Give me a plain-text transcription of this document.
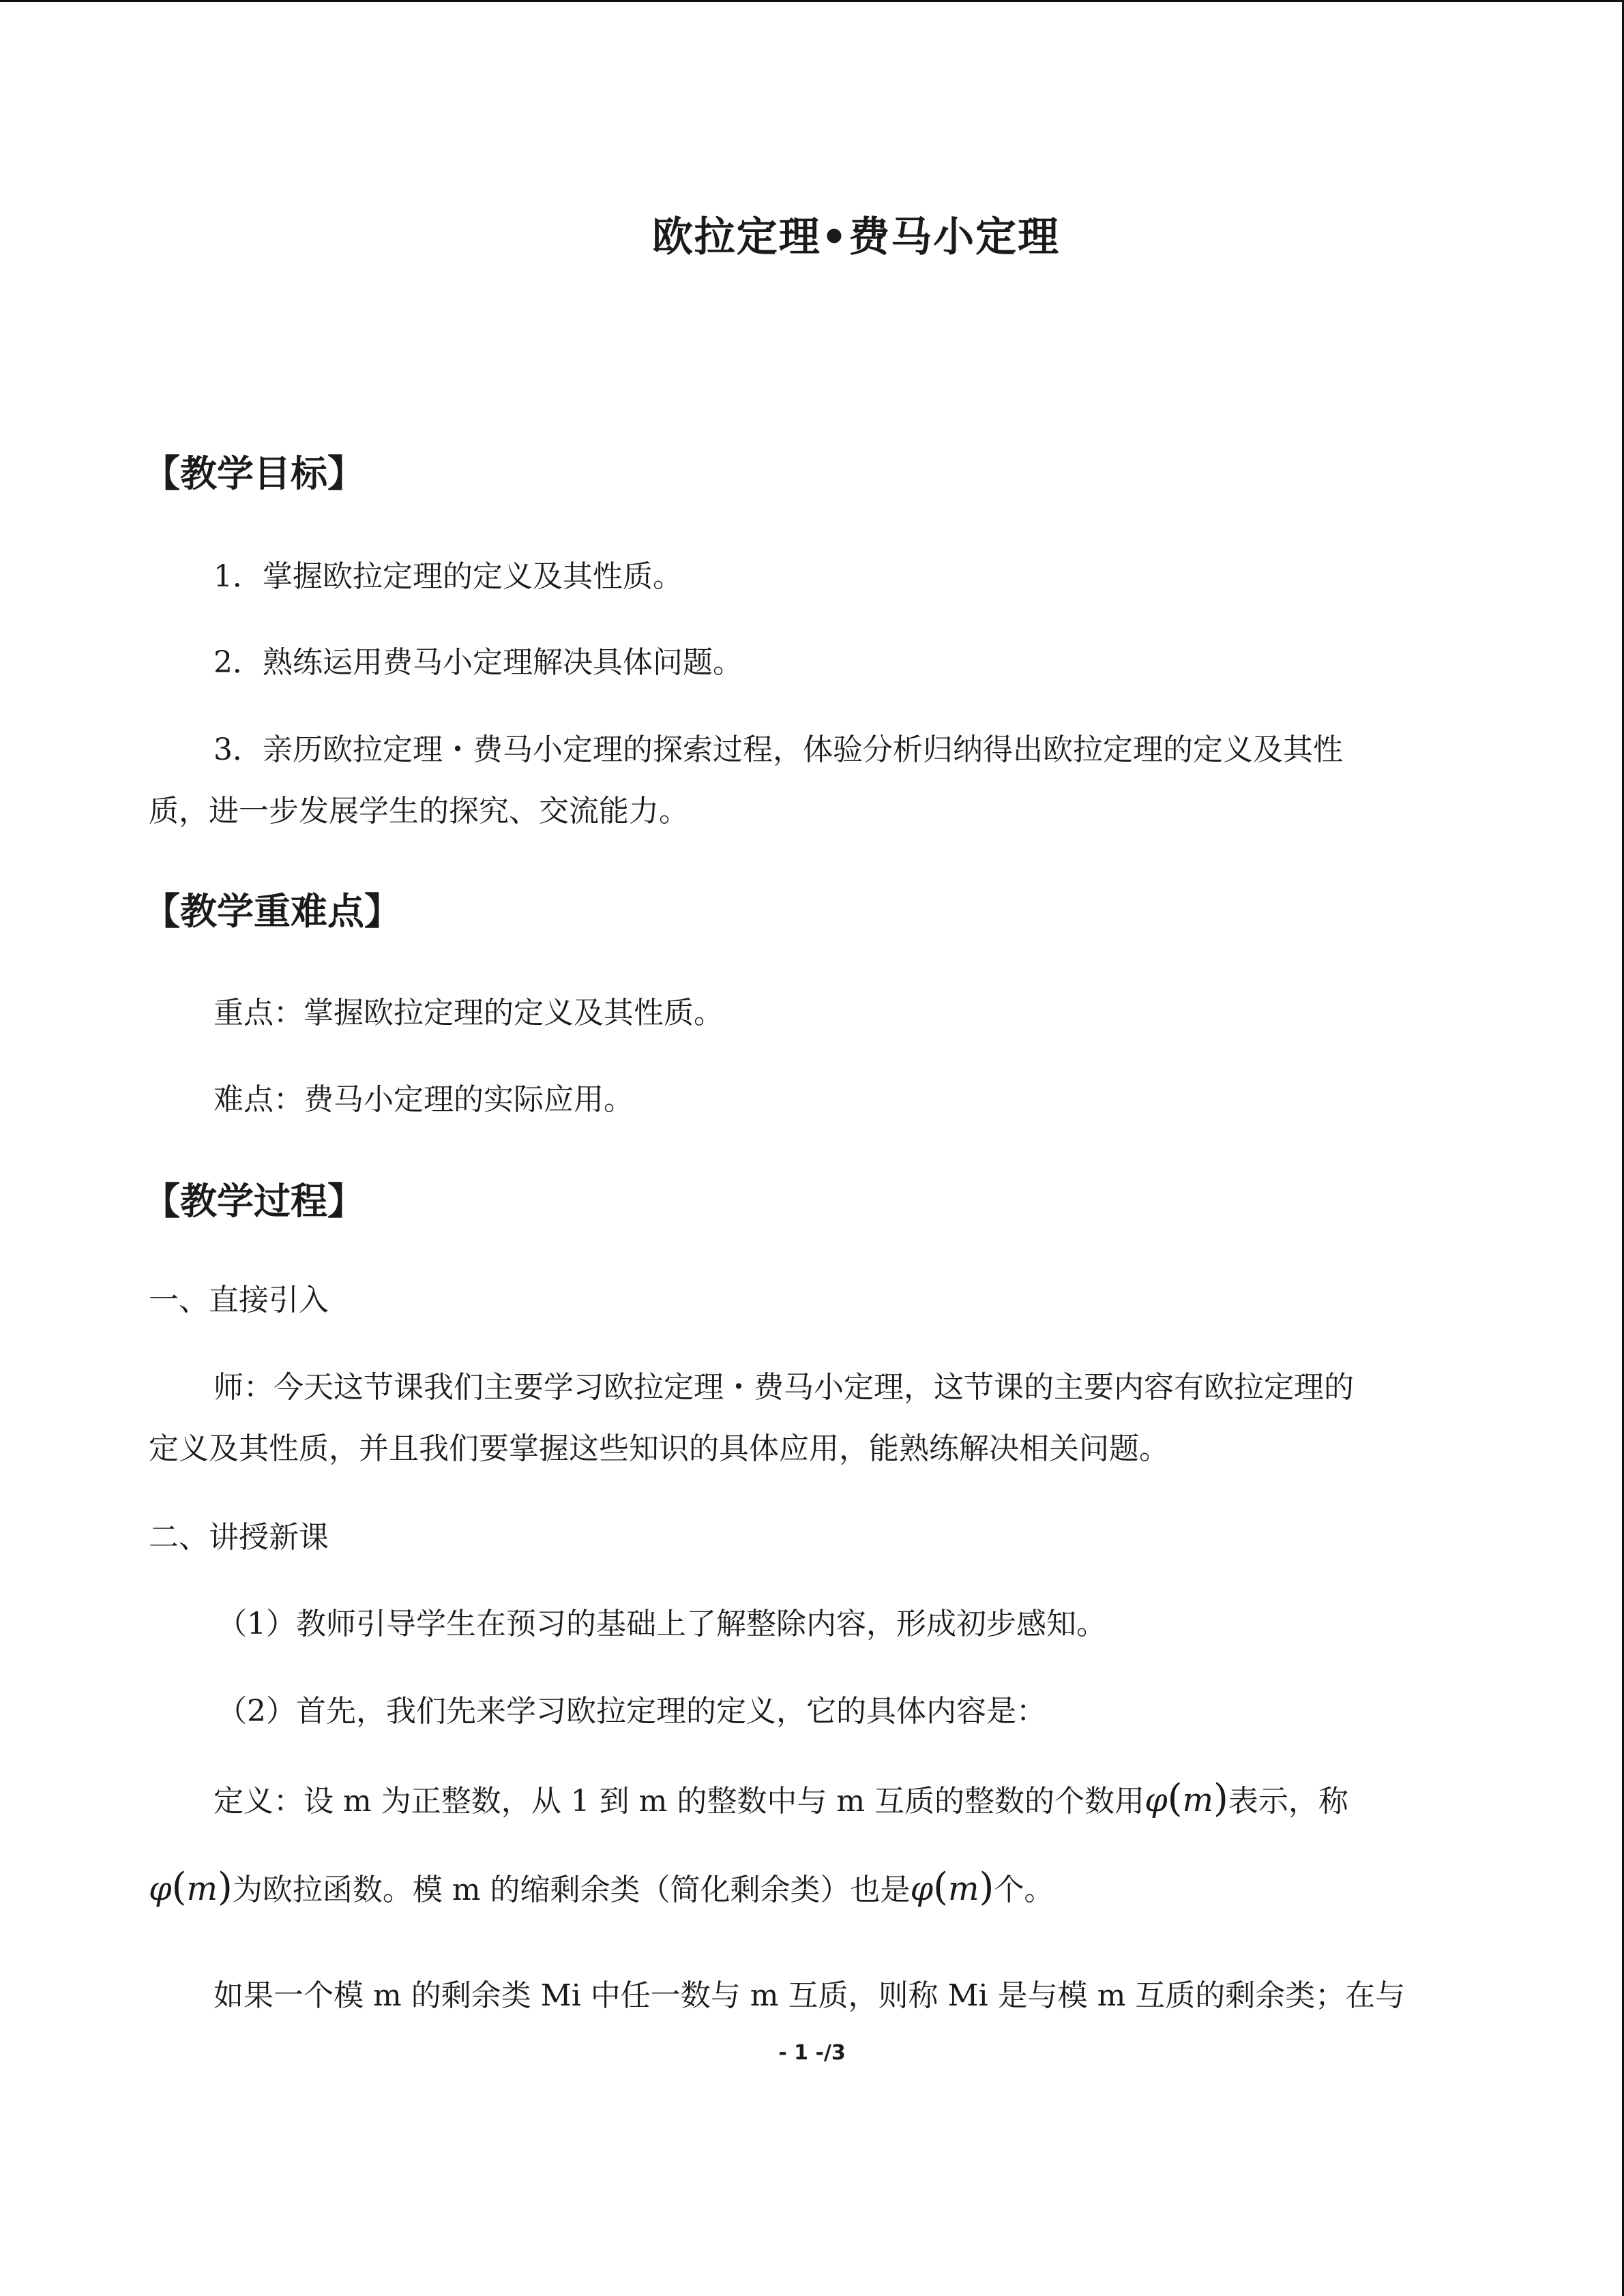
欧拉定理•费马小定理
【教学目标】
1．掌握欧拉定理的定义及其性质。
2．熟练运用费马小定理解决具体问题。
3．亲历欧拉定理・费马小定理的探索过程，体验分析归纳得出欧拉定理的定义及其性
质，进一步发展学生的探究、交流能力。
【教学重难点】
重点：掌握欧拉定理的定义及其性质。
难点：费马小定理的实际应用。
【教学过程】
一、直接引入
师：今天这节课我们主要学习欧拉定理・费马小定理，这节课的主要内容有欧拉定理的
定义及其性质，并且我们要掌握这些知识的具体应用，能熟练解决相关问题。
二、讲授新课
（1）教师引导学生在预习的基础上了解整除内容，形成初步感知。
（2）首先，我们先来学习欧拉定理的定义，它的具体内容是：
定义：设 m 为正整数，从 1 到 m 的整数中与 m 互质的整数的个数用φ(m)表示，称
φ(m)为欧拉函数。模 m 的缩剩余类（简化剩余类）也是φ(m)个。
如果一个模 m 的剩余类 Mi 中任一数与 m 互质，则称 Mi 是与模 m 互质的剩余类；在与
- 1 -/3
